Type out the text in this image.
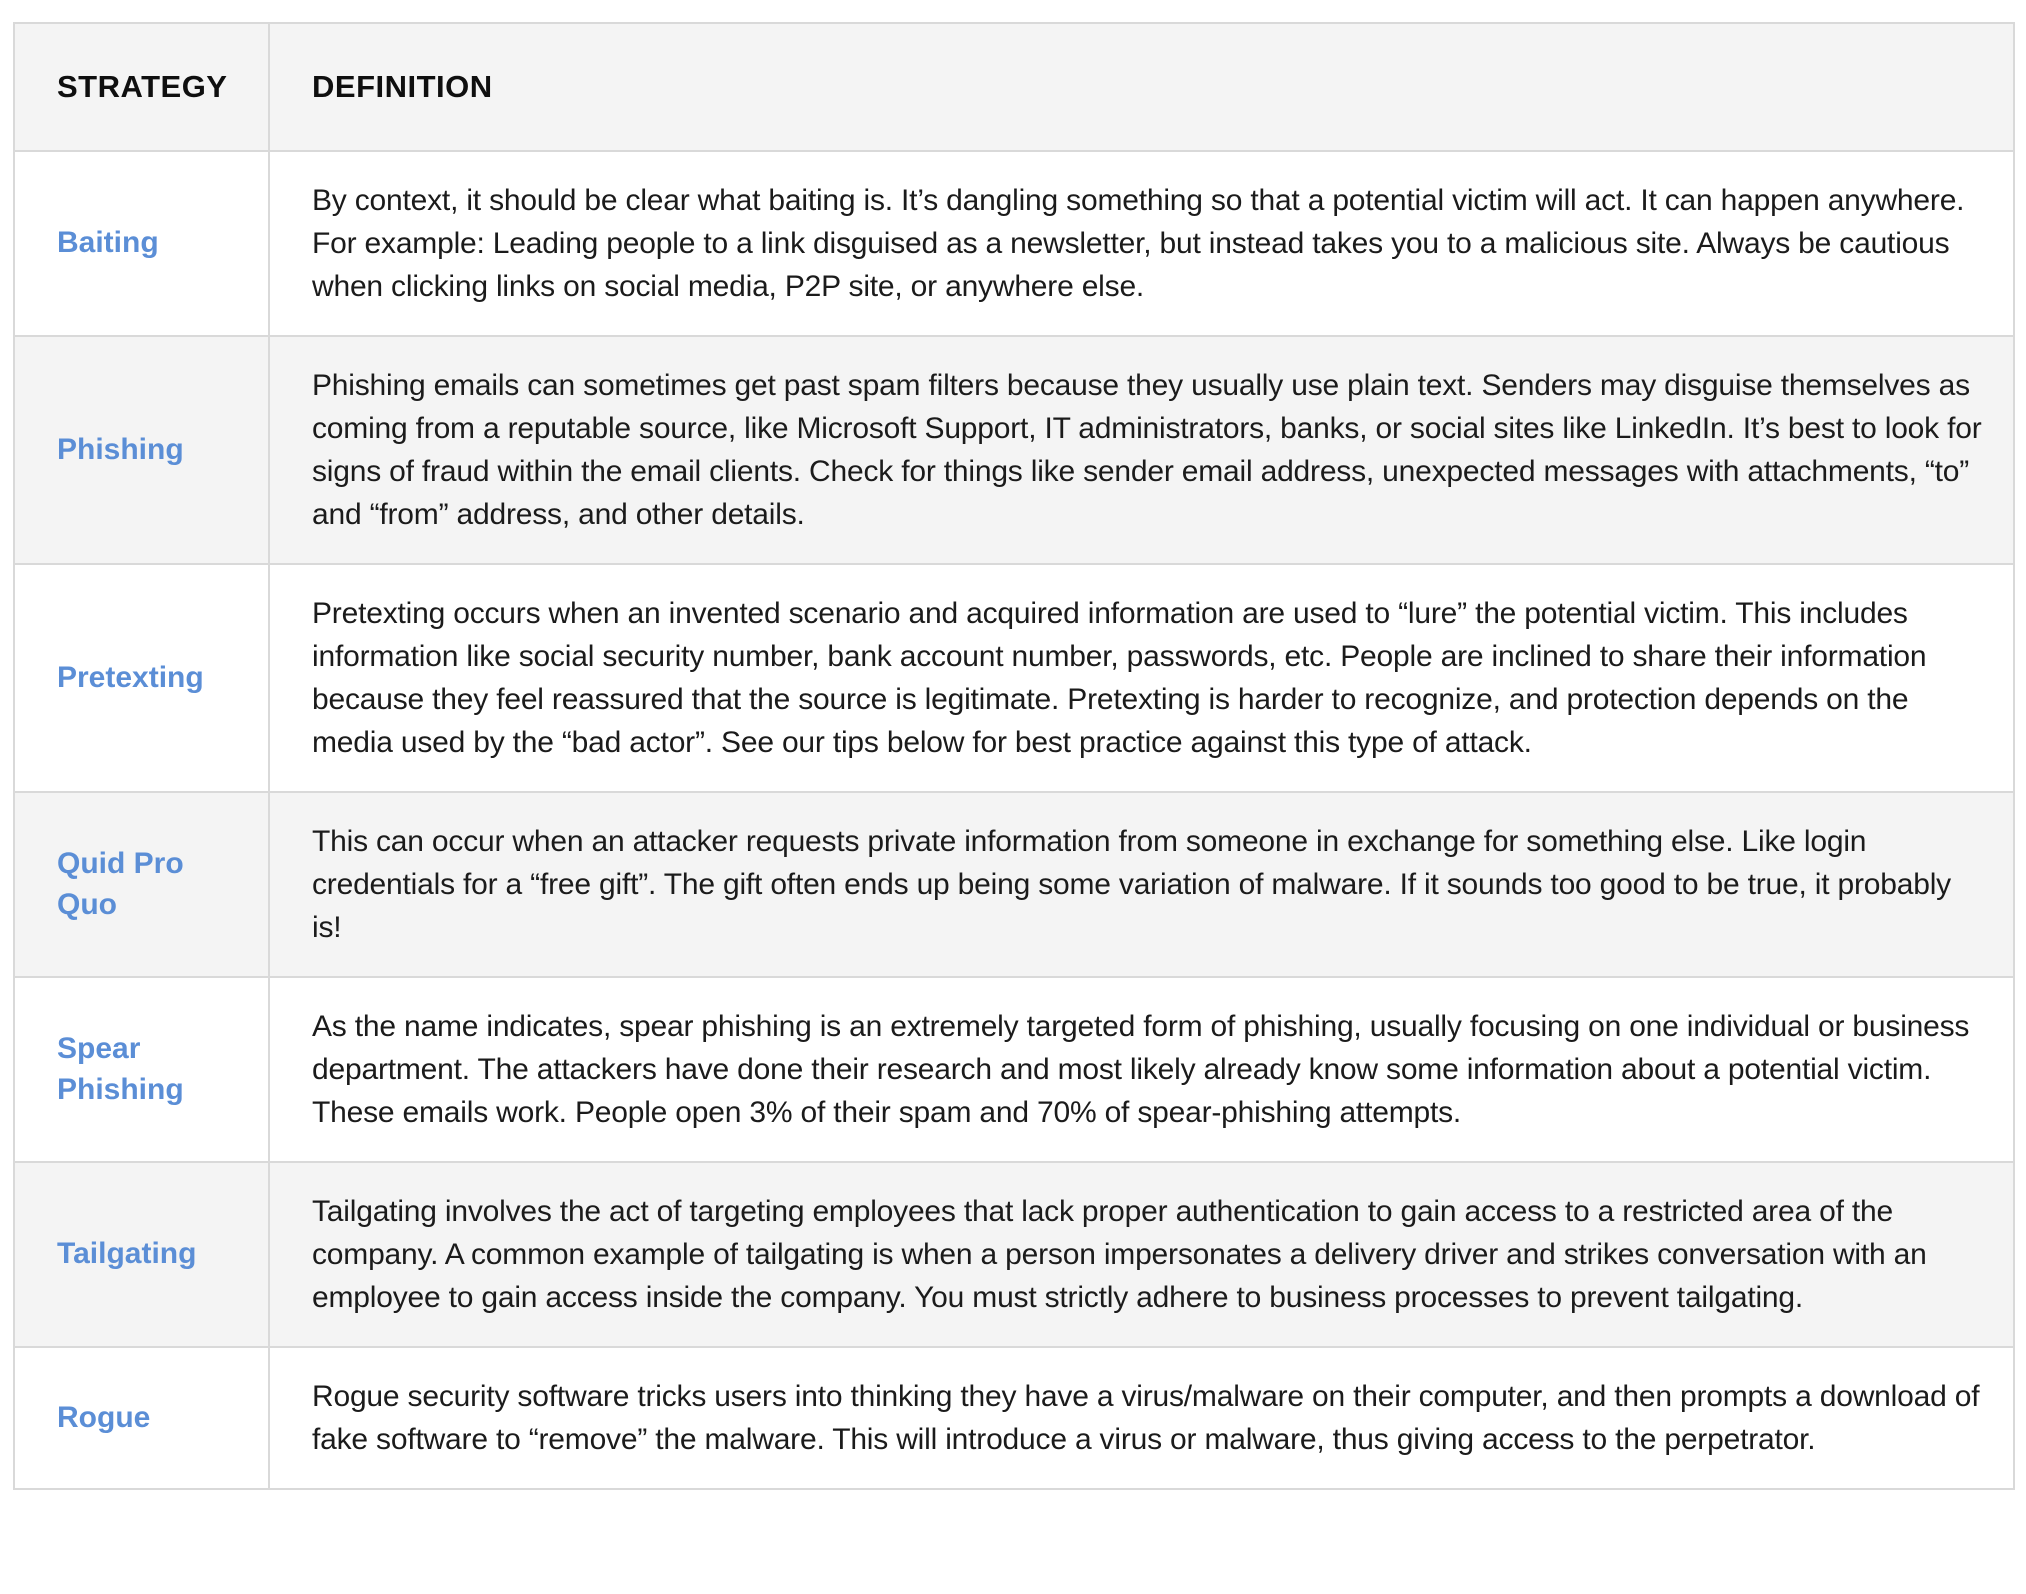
STRATEGY	DEFINITION
Baiting	By context, it should be clear what baiting is. It’s dangling something so that a potential victim will act. It can happen anywhere. For example: Leading people to a link disguised as a newsletter, but instead takes you to a malicious site. Always be cautious when clicking links on social media, P2P site, or anywhere else.
Phishing	Phishing emails can sometimes get past spam filters because they usually use plain text. Senders may disguise themselves as coming from a reputable source, like Microsoft Support, IT administrators, banks, or social sites like LinkedIn. It’s best to look for signs of fraud within the email clients. Check for things like sender email address, unexpected messages with attachments, “to” and “from” address, and other details.
Pretexting	Pretexting occurs when an invented scenario and acquired information are used to “lure” the potential victim. This includes information like social security number, bank account number, passwords, etc. People are inclined to share their information because they feel reassured that the source is legitimate. Pretexting is harder to recognize, and protection depends on the media used by the “bad actor”. See our tips below for best practice against this type of attack.
Quid Pro Quo	This can occur when an attacker requests private information from someone in exchange for something else. Like login credentials for a “free gift”. The gift often ends up being some variation of malware. If it sounds too good to be true, it probably is!
Spear Phishing	As the name indicates, spear phishing is an extremely targeted form of phishing, usually focusing on one individual or business department. The attackers have done their research and most likely already know some information about a potential victim. These emails work. People open 3% of their spam and 70% of spear-phishing attempts.
Tailgating	Tailgating involves the act of targeting employees that lack proper authentication to gain access to a restricted area of the company. A common example of tailgating is when a person impersonates a delivery driver and strikes conversation with an employee to gain access inside the company. You must strictly adhere to business processes to prevent tailgating.
Rogue	Rogue security software tricks users into thinking they have a virus/malware on their computer, and then prompts a download of fake software to “remove” the malware. This will introduce a virus or malware, thus giving access to the perpetrator.
